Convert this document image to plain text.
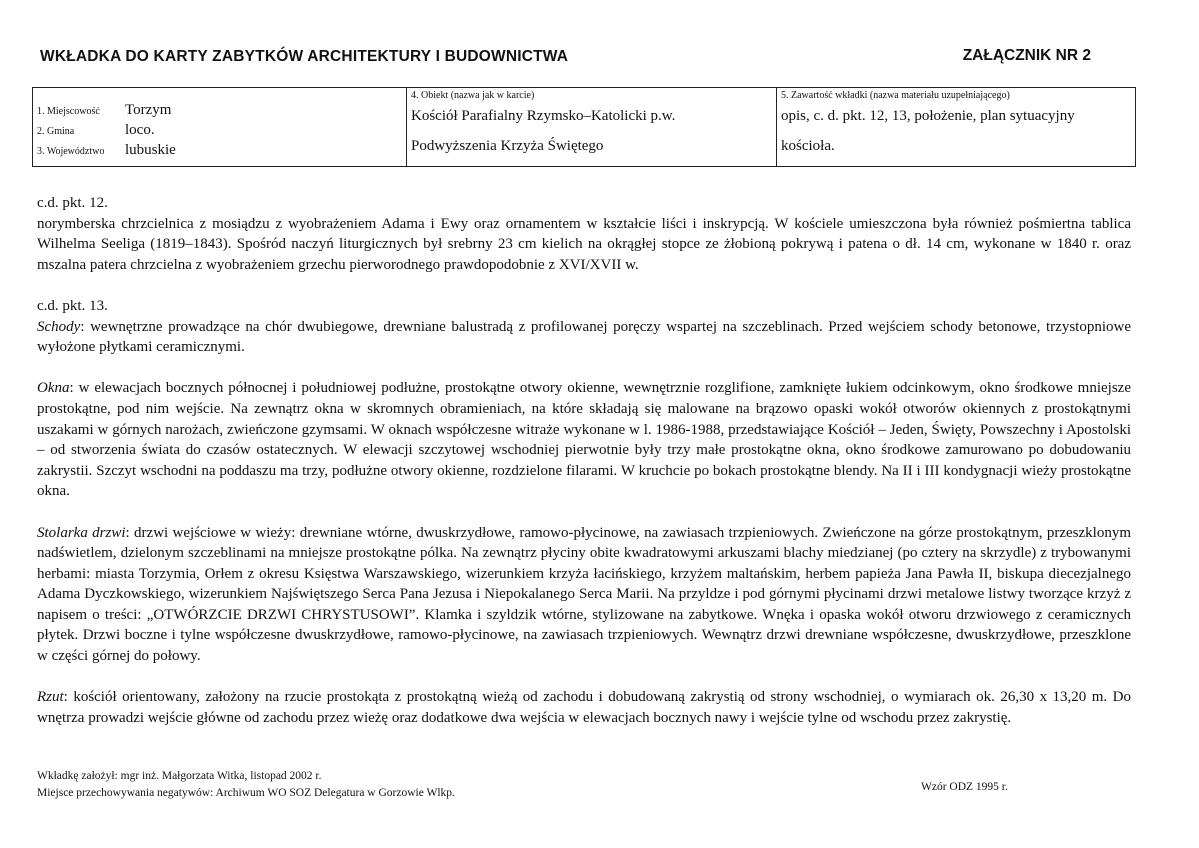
WKŁADKA DO KARTY ZABYTKÓW ARCHITEKTURY I BUDOWNICTWA	ZAŁĄCZNIK NR 2
1. Miejscowość	Torzym
2. Gmina	loco.
3. Województwo	lubuskie
4. Obiekt (nazwa jak w karcie)
Kościół Parafialny Rzymsko–Katolicki p.w.
Podwyższenia Krzyża Świętego
5. Zawartość wkładki (nazwa materiału uzupełniającego)
opis, c. d. pkt. 12, 13, położenie, plan sytuacyjny
kościoła.

c.d. pkt. 12.

norymberska chrzcielnica z mosiądzu z wyobrażeniem Adama i Ewy oraz ornamentem w kształcie liści i inskrypcją. W kościele umieszczona była również pośmiertna tablica Wilhelma Seeliga (1819–1843). Spośród naczyń liturgicznych był srebrny 23 cm kielich na okrągłej stopce ze żłobioną pokrywą i patena o dł. 14 cm, wykonane w 1840 r. oraz mszalna patera chrzcielna z wyobrażeniem grzechu pierworodnego prawdopodobnie z XVI/XVII w.

c.d. pkt. 13.

Schody: wewnętrzne prowadzące na chór dwubiegowe, drewniane balustradą z profilowanej poręczy wspartej na szczeblinach. Przed wejściem schody betonowe, trzystopniowe wyłożone płytkami ceramicznymi.

Okna: w elewacjach bocznych północnej i południowej podłużne, prostokątne otwory okienne, wewnętrznie rozglifione, zamknięte łukiem odcinkowym, okno środkowe mniejsze prostokątne, pod nim wejście. Na zewnątrz okna w skromnych obramieniach, na które składają się malowane na brązowo opaski wokół otworów okiennych z prostokątnymi uszakami w górnych narożach, zwieńczone gzymsami. W oknach współczesne witraże wykonane w l. 1986-1988, przedstawiające Kościół – Jeden, Święty, Powszechny i Apostolski – od stworzenia świata do czasów ostatecznych. W elewacji szczytowej wschodniej pierwotnie były trzy małe prostokątne okna, okno środkowe zamurowano po dobudowaniu zakrystii. Szczyt wschodni na poddaszu ma trzy, podłużne otwory okienne, rozdzielone filarami. W kruchcie po bokach prostokątne blendy. Na II i III kondygnacji wieży prostokątne okna.

Stolarka drzwi: drzwi wejściowe w wieży: drewniane wtórne, dwuskrzydłowe, ramowo-płycinowe, na zawiasach trzpieniowych. Zwieńczone na górze prostokątnym, przeszklonym nadświetlem, dzielonym szczeblinami na mniejsze prostokątne pólka. Na zewnątrz płyciny obite kwadratowymi arkuszami blachy miedzianej (po cztery na skrzydle) z trybowanymi herbami: miasta Torzymia, Orłem z okresu Księstwa Warszawskiego, wizerunkiem krzyża łacińskiego, krzyżem maltańskim, herbem papieża Jana Pawła II, biskupa diecezjalnego Adama Dyczkowskiego, wizerunkiem Najświętszego Serca Pana Jezusa i Niepokalanego Serca Marii. Na przyldze i pod górnymi płycinami drzwi metalowe listwy tworzące krzyż z napisem o treści: „OTWÓRZCIE DRZWI CHRYSTUSOWI”. Klamka i szyldzik wtórne, stylizowane na zabytkowe. Wnęka i opaska wokół otworu drzwiowego z ceramicznych płytek. Drzwi boczne i tylne współczesne dwuskrzydłowe, ramowo-płycinowe, na zawiasach trzpieniowych. Wewnątrz drzwi drewniane współczesne, dwuskrzydłowe, przeszklone w części górnej do połowy.

Rzut: kościół orientowany, założony na rzucie prostokąta z prostokątną wieżą od zachodu i dobudowaną zakrystią od strony wschodniej, o wymiarach ok. 26,30 x 13,20 m. Do wnętrza prowadzi wejście główne od zachodu przez wieżę oraz dodatkowe dwa wejścia w elewacjach bocznych nawy i wejście tylne od wschodu przez zakrystię.

Wkładkę założył: mgr inż. Małgorzata Witka, listopad 2002 r.
Miejsce przechowywania negatywów: Archiwum WO SOZ Delegatura w Gorzowie Wlkp.	Wzór ODZ 1995 r.
